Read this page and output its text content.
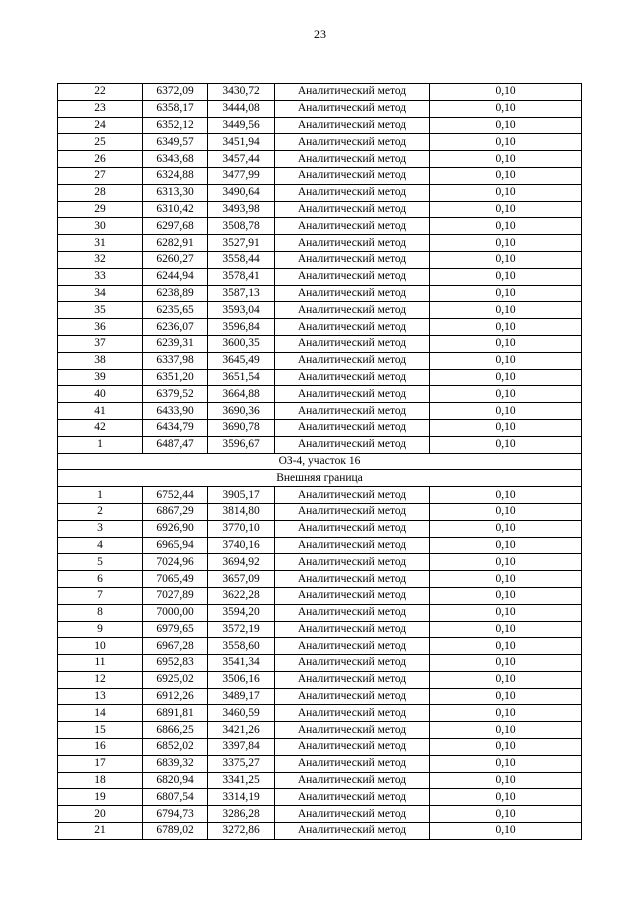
23
22	6372,09	3430,72	Аналитический метод	0,10
23	6358,17	3444,08	Аналитический метод	0,10
24	6352,12	3449,56	Аналитический метод	0,10
25	6349,57	3451,94	Аналитический метод	0,10
26	6343,68	3457,44	Аналитический метод	0,10
27	6324,88	3477,99	Аналитический метод	0,10
28	6313,30	3490,64	Аналитический метод	0,10
29	6310,42	3493,98	Аналитический метод	0,10
30	6297,68	3508,78	Аналитический метод	0,10
31	6282,91	3527,91	Аналитический метод	0,10
32	6260,27	3558,44	Аналитический метод	0,10
33	6244,94	3578,41	Аналитический метод	0,10
34	6238,89	3587,13	Аналитический метод	0,10
35	6235,65	3593,04	Аналитический метод	0,10
36	6236,07	3596,84	Аналитический метод	0,10
37	6239,31	3600,35	Аналитический метод	0,10
38	6337,98	3645,49	Аналитический метод	0,10
39	6351,20	3651,54	Аналитический метод	0,10
40	6379,52	3664,88	Аналитический метод	0,10
41	6433,90	3690,36	Аналитический метод	0,10
42	6434,79	3690,78	Аналитический метод	0,10
1	6487,47	3596,67	Аналитический метод	0,10
ОЗ-4, участок 16				
Внешняя граница				
1	6752,44	3905,17	Аналитический метод	0,10
2	6867,29	3814,80	Аналитический метод	0,10
3	6926,90	3770,10	Аналитический метод	0,10
4	6965,94	3740,16	Аналитический метод	0,10
5	7024,96	3694,92	Аналитический метод	0,10
6	7065,49	3657,09	Аналитический метод	0,10
7	7027,89	3622,28	Аналитический метод	0,10
8	7000,00	3594,20	Аналитический метод	0,10
9	6979,65	3572,19	Аналитический метод	0,10
10	6967,28	3558,60	Аналитический метод	0,10
11	6952,83	3541,34	Аналитический метод	0,10
12	6925,02	3506,16	Аналитический метод	0,10
13	6912,26	3489,17	Аналитический метод	0,10
14	6891,81	3460,59	Аналитический метод	0,10
15	6866,25	3421,26	Аналитический метод	0,10
16	6852,02	3397,84	Аналитический метод	0,10
17	6839,32	3375,27	Аналитический метод	0,10
18	6820,94	3341,25	Аналитический метод	0,10
19	6807,54	3314,19	Аналитический метод	0,10
20	6794,73	3286,28	Аналитический метод	0,10
21	6789,02	3272,86	Аналитический метод	0,10
